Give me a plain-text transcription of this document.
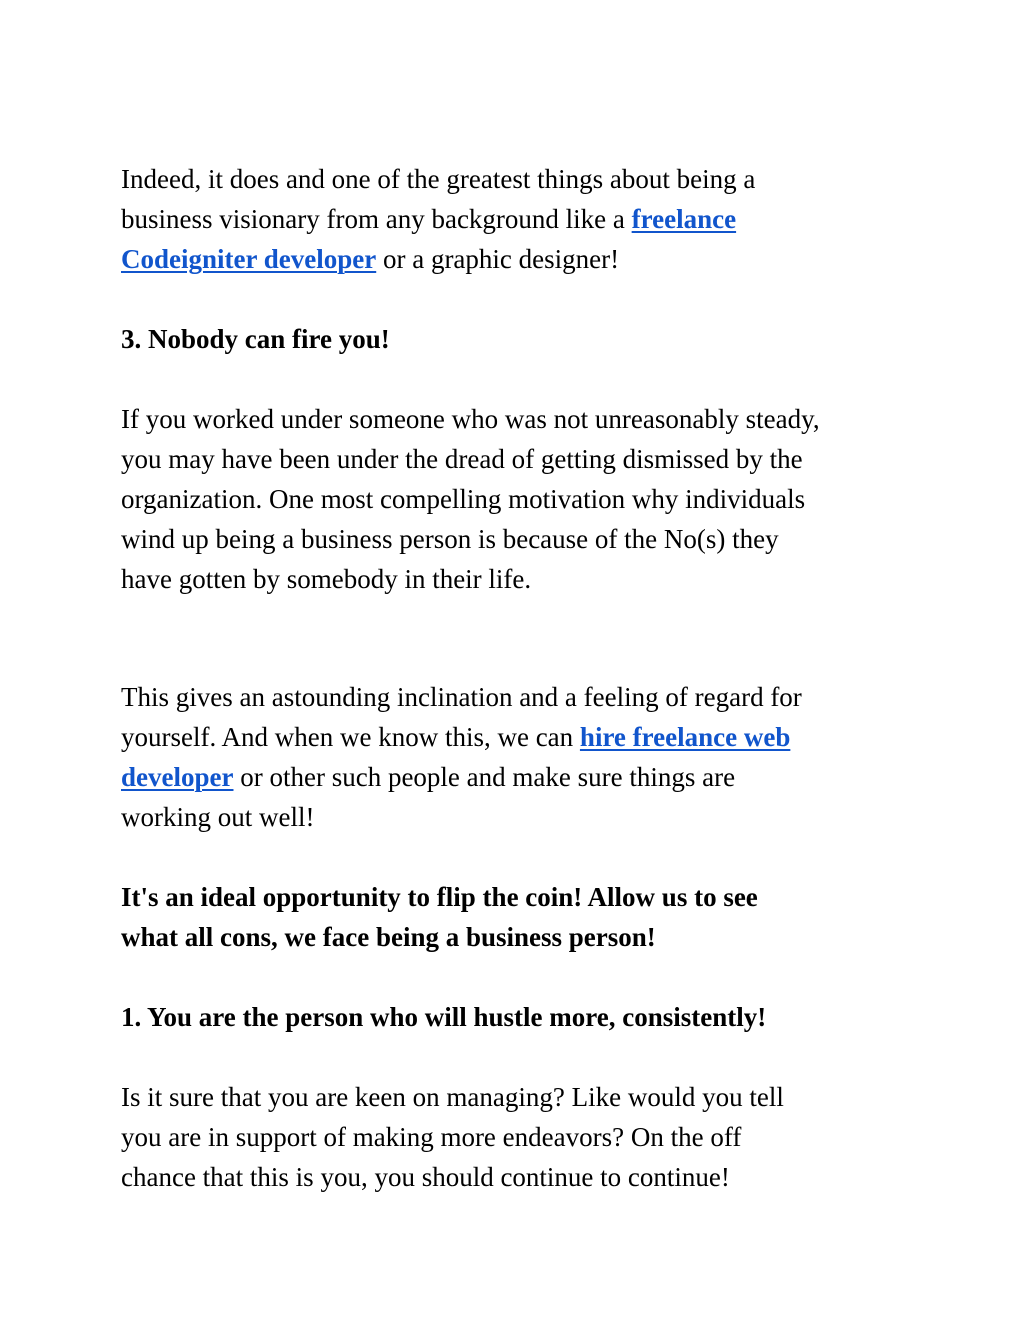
Indeed, it does and one of the greatest things about being a

business visionary from any background like a freelance

Codeigniter developer or a graphic designer!

3. Nobody can fire you!

If you worked under someone who was not unreasonably steady,

you may have been under the dread of getting dismissed by the

organization. One most compelling motivation why individuals

wind up being a business person is because of the No(s) they

have gotten by somebody in their life.

This gives an astounding inclination and a feeling of regard for

yourself. And when we know this, we can hire freelance web

developer or other such people and make sure things are

working out well!

It's an ideal opportunity to flip the coin! Allow us to see

what all cons, we face being a business person!

1. You are the person who will hustle more, consistently!

Is it sure that you are keen on managing? Like would you tell

you are in support of making more endeavors? On the off

chance that this is you, you should continue to continue!
